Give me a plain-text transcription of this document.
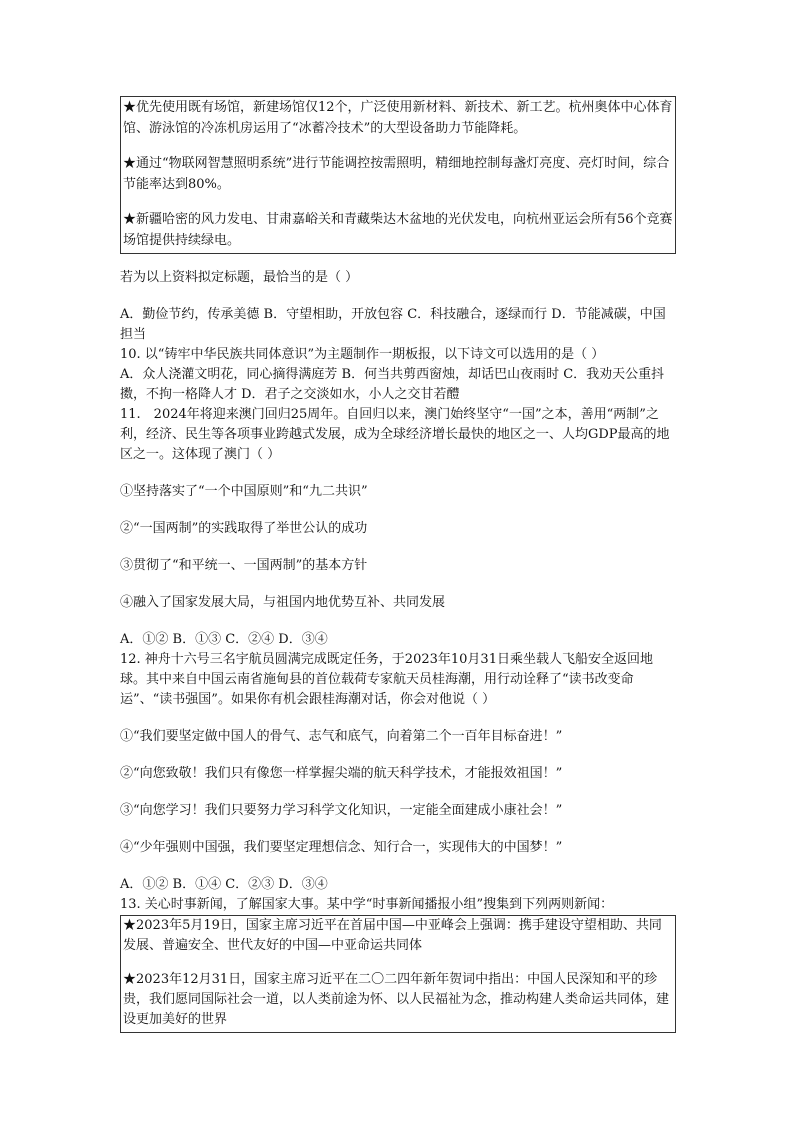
★优先使用既有场馆，新建场馆仅12个，广泛使用新材料、新技术、新工艺。杭州奥体中心体育馆、游泳馆的冷冻机房运用了“冰蓄冷技术”的大型设备助力节能降耗。

★通过“物联网智慧照明系统”进行节能调控按需照明，精细地控制每盏灯亮度、亮灯时间，综合节能率达到80%。

★新疆哈密的风力发电、甘肃嘉峪关和青藏柴达木盆地的光伏发电，向杭州亚运会所有56个竞赛场馆提供持续绿电。

若为以上资料拟定标题，最恰当的是（ ）

A．勤俭节约，传承美德 B．守望相助，开放包容 C．科技融合，逐绿而行 D．节能减碳，中国担当

10. 以“铸牢中华民族共同体意识”为主题制作一期板报，以下诗文可以选用的是（ ）

A．众人浇灌文明花，同心摘得满庭芳 B．何当共剪西窗烛，却话巴山夜雨时 C．我劝天公重抖擞，不拘一格降人才 D．君子之交淡如水，小人之交甘若醴

11.　2024年将迎来澳门回归25周年。自回归以来，澳门始终坚守“一国”之本，善用“两制”之利，经济、民生等各项事业跨越式发展，成为全球经济增长最快的地区之一、人均GDP最高的地区之一。这体现了澳门（ ）

①坚持落实了“一个中国原则”和“九二共识”

②“一国两制”的实践取得了举世公认的成功

③贯彻了“和平统一、一国两制”的基本方针

④融入了国家发展大局，与祖国内地优势互补、共同发展

A．①② B．①③ C．②④ D．③④

12. 神舟十六号三名宇航员圆满完成既定任务，于2023年10月31日乘坐载人飞船安全返回地球。其中来自中国云南省施甸县的首位载荷专家航天员桂海潮，用行动诠释了“读书改变命运”、“读书强国”。如果你有机会跟桂海潮对话，你会对他说（ ）

①“我们要坚定做中国人的骨气、志气和底气，向着第二个一百年目标奋进！”

②“向您致敬！我们只有像您一样掌握尖端的航天科学技术，才能报效祖国！”

③“向您学习！我们只要努力学习科学文化知识，一定能全面建成小康社会！”

④“少年强则中国强，我们要坚定理想信念、知行合一，实现伟大的中国梦！”

A．①② B．①④ C．②③ D．③④

13. 关心时事新闻，了解国家大事。某中学“时事新闻播报小组”搜集到下列两则新闻：

★2023年5月19日，国家主席习近平在首届中国—中亚峰会上强调：携手建设守望相助、共同发展、普遍安全、世代友好的中国—中亚命运共同体

★2023年12月31日，国家主席习近平在二〇二四年新年贺词中指出：中国人民深知和平的珍贵，我们愿同国际社会一道，以人类前途为怀、以人民福祉为念，推动构建人类命运共同体，建设更加美好的世界
